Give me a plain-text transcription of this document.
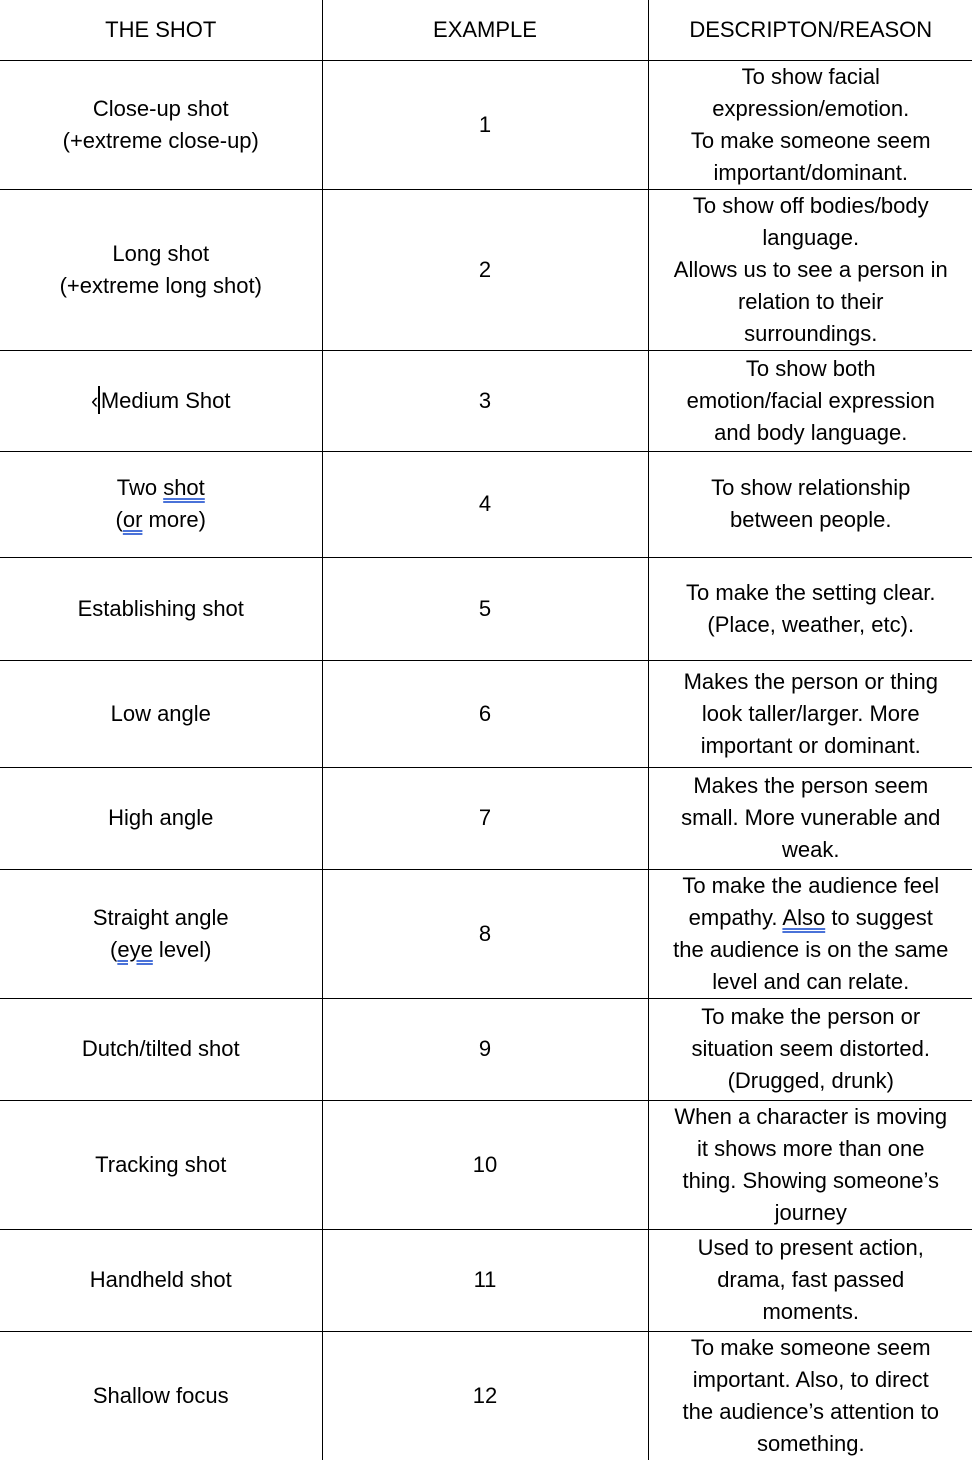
THE SHOT	EXAMPLE	DESCRIPTON/REASON

Close-up shot
(+extreme close-up)	1	To show facial
expression/emotion.
To make someone seem
important/dominant.

Long shot
(+extreme long shot)	2	To show off bodies/body
language.
Allows us to see a person in
relation to their
surroundings.

‹ Medium Shot	3	To show both
emotion/facial expression
and body language.

Two shot
(or more)	4	To show relationship
between people.

Establishing shot	5	To make the setting clear.
(Place, weather, etc).

Low angle	6	Makes the person or thing
look taller/larger. More
important or dominant.

High angle	7	Makes the person seem
small. More vunerable and
weak.

Straight angle
(eye level)	8	To make the audience feel
empathy. Also to suggest
the audience is on the same
level and can relate.

Dutch/tilted shot	9	To make the person or
situation seem distorted.
(Drugged, drunk)

Tracking shot	10	When a character is moving
it shows more than one
thing. Showing someone’s
journey

Handheld shot	11	Used to present action,
drama, fast passed
moments.

Shallow focus	12	To make someone seem
important. Also, to direct
the audience’s attention to
something.
